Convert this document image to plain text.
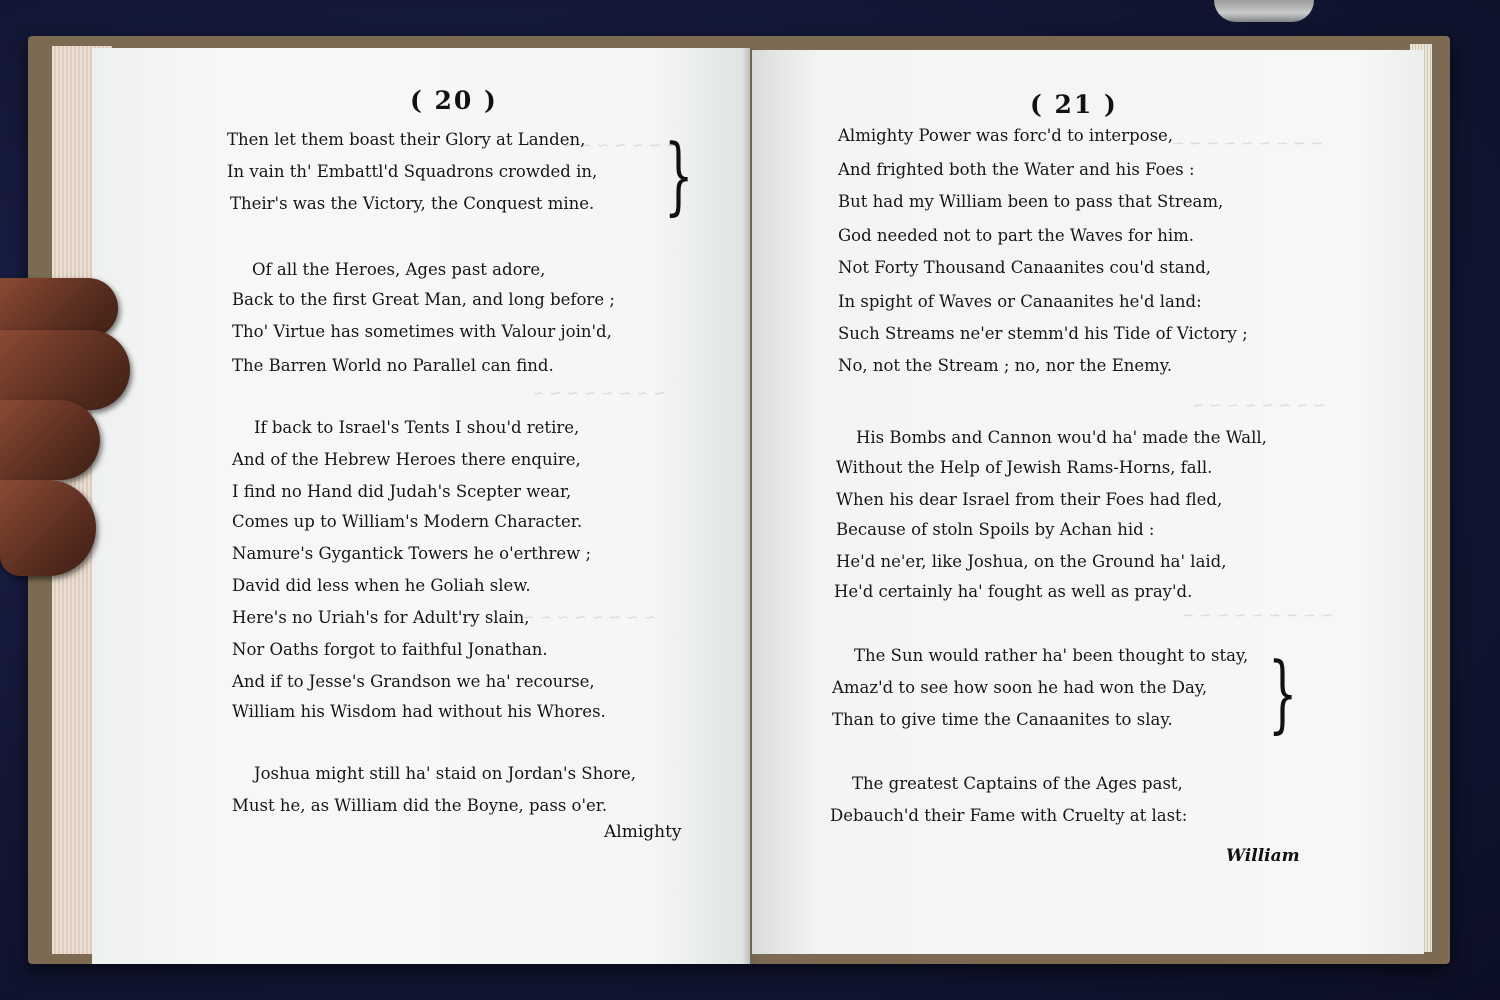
~ ~ ~ ~ ~ ~ ~
~ ~ ~ ~ ~ ~ ~ ~
~ ~ ~ ~ ~ ~ ~ ~
( 20 )
Then let them boast their Glory at Landen,
In vain th' Embattl'd Squadrons crowded in,
Their's was the Victory, the Conquest mine. }
Of all the Heroes, Ages past adore,
Back to the first Great Man, and long before ;
Tho' Virtue has sometimes with Valour join'd,
The Barren World no Parallel can find.
If back to Israel's Tents I shou'd retire,
And of the Hebrew Heroes there enquire,
I find no Hand did Judah's Scepter wear,
Comes up to William's Modern Character.
Namure's Gygantick Towers he o'erthrew ;
David did less when he Goliah slew.
Here's no Uriah's for Adult'ry slain,
Nor Oaths forgot to faithful Jonathan.
And if to Jesse's Grandson we ha' recourse,
William his Wisdom had without his Whores.
Joshua might still ha' staid on Jordan's Shore,
Must he, as William did the Boyne, pass o'er.
Almighty
~ ~ ~ ~ ~ ~ ~ ~ ~
~ ~ ~ ~ ~ ~ ~ ~
~ ~ ~ ~ ~ ~ ~ ~ ~
( 21 )
Almighty Power was forc'd to interpose,
And frighted both the Water and his Foes :
But had my William been to pass that Stream,
God needed not to part the Waves for him.
Not Forty Thousand Canaanites cou'd stand,
In spight of Waves or Canaanites he'd land:
Such Streams ne'er stemm'd his Tide of Victory ;
No, not the Stream ; no, nor the Enemy.
His Bombs and Cannon wou'd ha' made the Wall,
Without the Help of Jewish Rams-Horns, fall.
When his dear Israel from their Foes had fled,
Because of stoln Spoils by Achan hid :
He'd ne'er, like Joshua, on the Ground ha' laid,
He'd certainly ha' fought as well as pray'd.
The Sun would rather ha' been thought to stay,
Amaz'd to see how soon he had won the Day,
Than to give time the Canaanites to slay. }
The greatest Captains of the Ages past,
Debauch'd their Fame with Cruelty at last:
William
